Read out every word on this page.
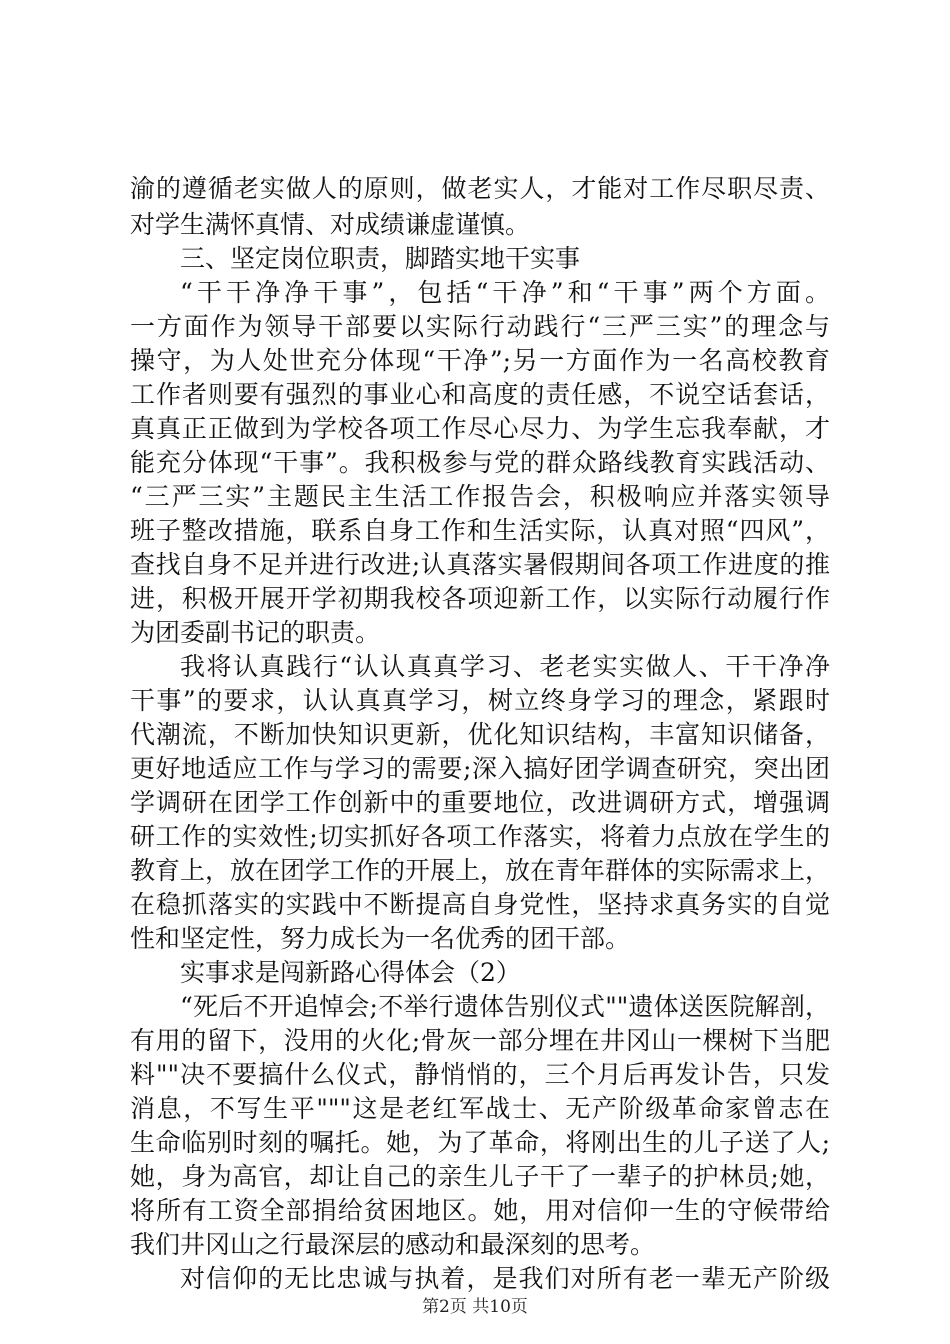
渝的遵循老实做人的原则，做老实人，才能对工作尽职尽责、
对学生满怀真情、对成绩谦虚谨慎。
三、坚定岗位职责，脚踏实地干实事
“干干净净干事”，包括“干净”和“干事”两个方面。
一方面作为领导干部要以实际行动践行“三严三实”的理念与
操守，为人处世充分体现“干净”;另一方面作为一名高校教育
工作者则要有强烈的事业心和高度的责任感，不说空话套话，
真真正正做到为学校各项工作尽心尽力、为学生忘我奉献，才
能充分体现“干事”。我积极参与党的群众路线教育实践活动、
“三严三实”主题民主生活工作报告会，积极响应并落实领导
班子整改措施，联系自身工作和生活实际，认真对照“四风”，
查找自身不足并进行改进;认真落实暑假期间各项工作进度的推
进，积极开展开学初期我校各项迎新工作，以实际行动履行作
为团委副书记的职责。
我将认真践行“认认真真学习、老老实实做人、干干净净
干事”的要求，认认真真学习，树立终身学习的理念，紧跟时
代潮流，不断加快知识更新，优化知识结构，丰富知识储备，
更好地适应工作与学习的需要;深入搞好团学调查研究，突出团
学调研在团学工作创新中的重要地位，改进调研方式，增强调
研工作的实效性;切实抓好各项工作落实，将着力点放在学生的
教育上，放在团学工作的开展上，放在青年群体的实际需求上，
在稳抓落实的实践中不断提高自身党性，坚持求真务实的自觉
性和坚定性，努力成长为一名优秀的团干部。
实事求是闯新路心得体会（2）
“死后不开追悼会;不举行遗体告别仪式""遗体送医院解剖，
有用的留下，没用的火化;骨灰一部分埋在井冈山一棵树下当肥
料""决不要搞什么仪式，静悄悄的，三个月后再发讣告，只发
消息，不写生平"""这是老红军战士、无产阶级革命家曾志在
生命临别时刻的嘱托。她，为了革命，将刚出生的儿子送了人;
她，身为高官，却让自己的亲生儿子干了一辈子的护林员;她，
将所有工资全部捐给贫困地区。她，用对信仰一生的守候带给
我们井冈山之行最深层的感动和最深刻的思考。
对信仰的无比忠诚与执着，是我们对所有老一辈无产阶级
第2页 共10页
